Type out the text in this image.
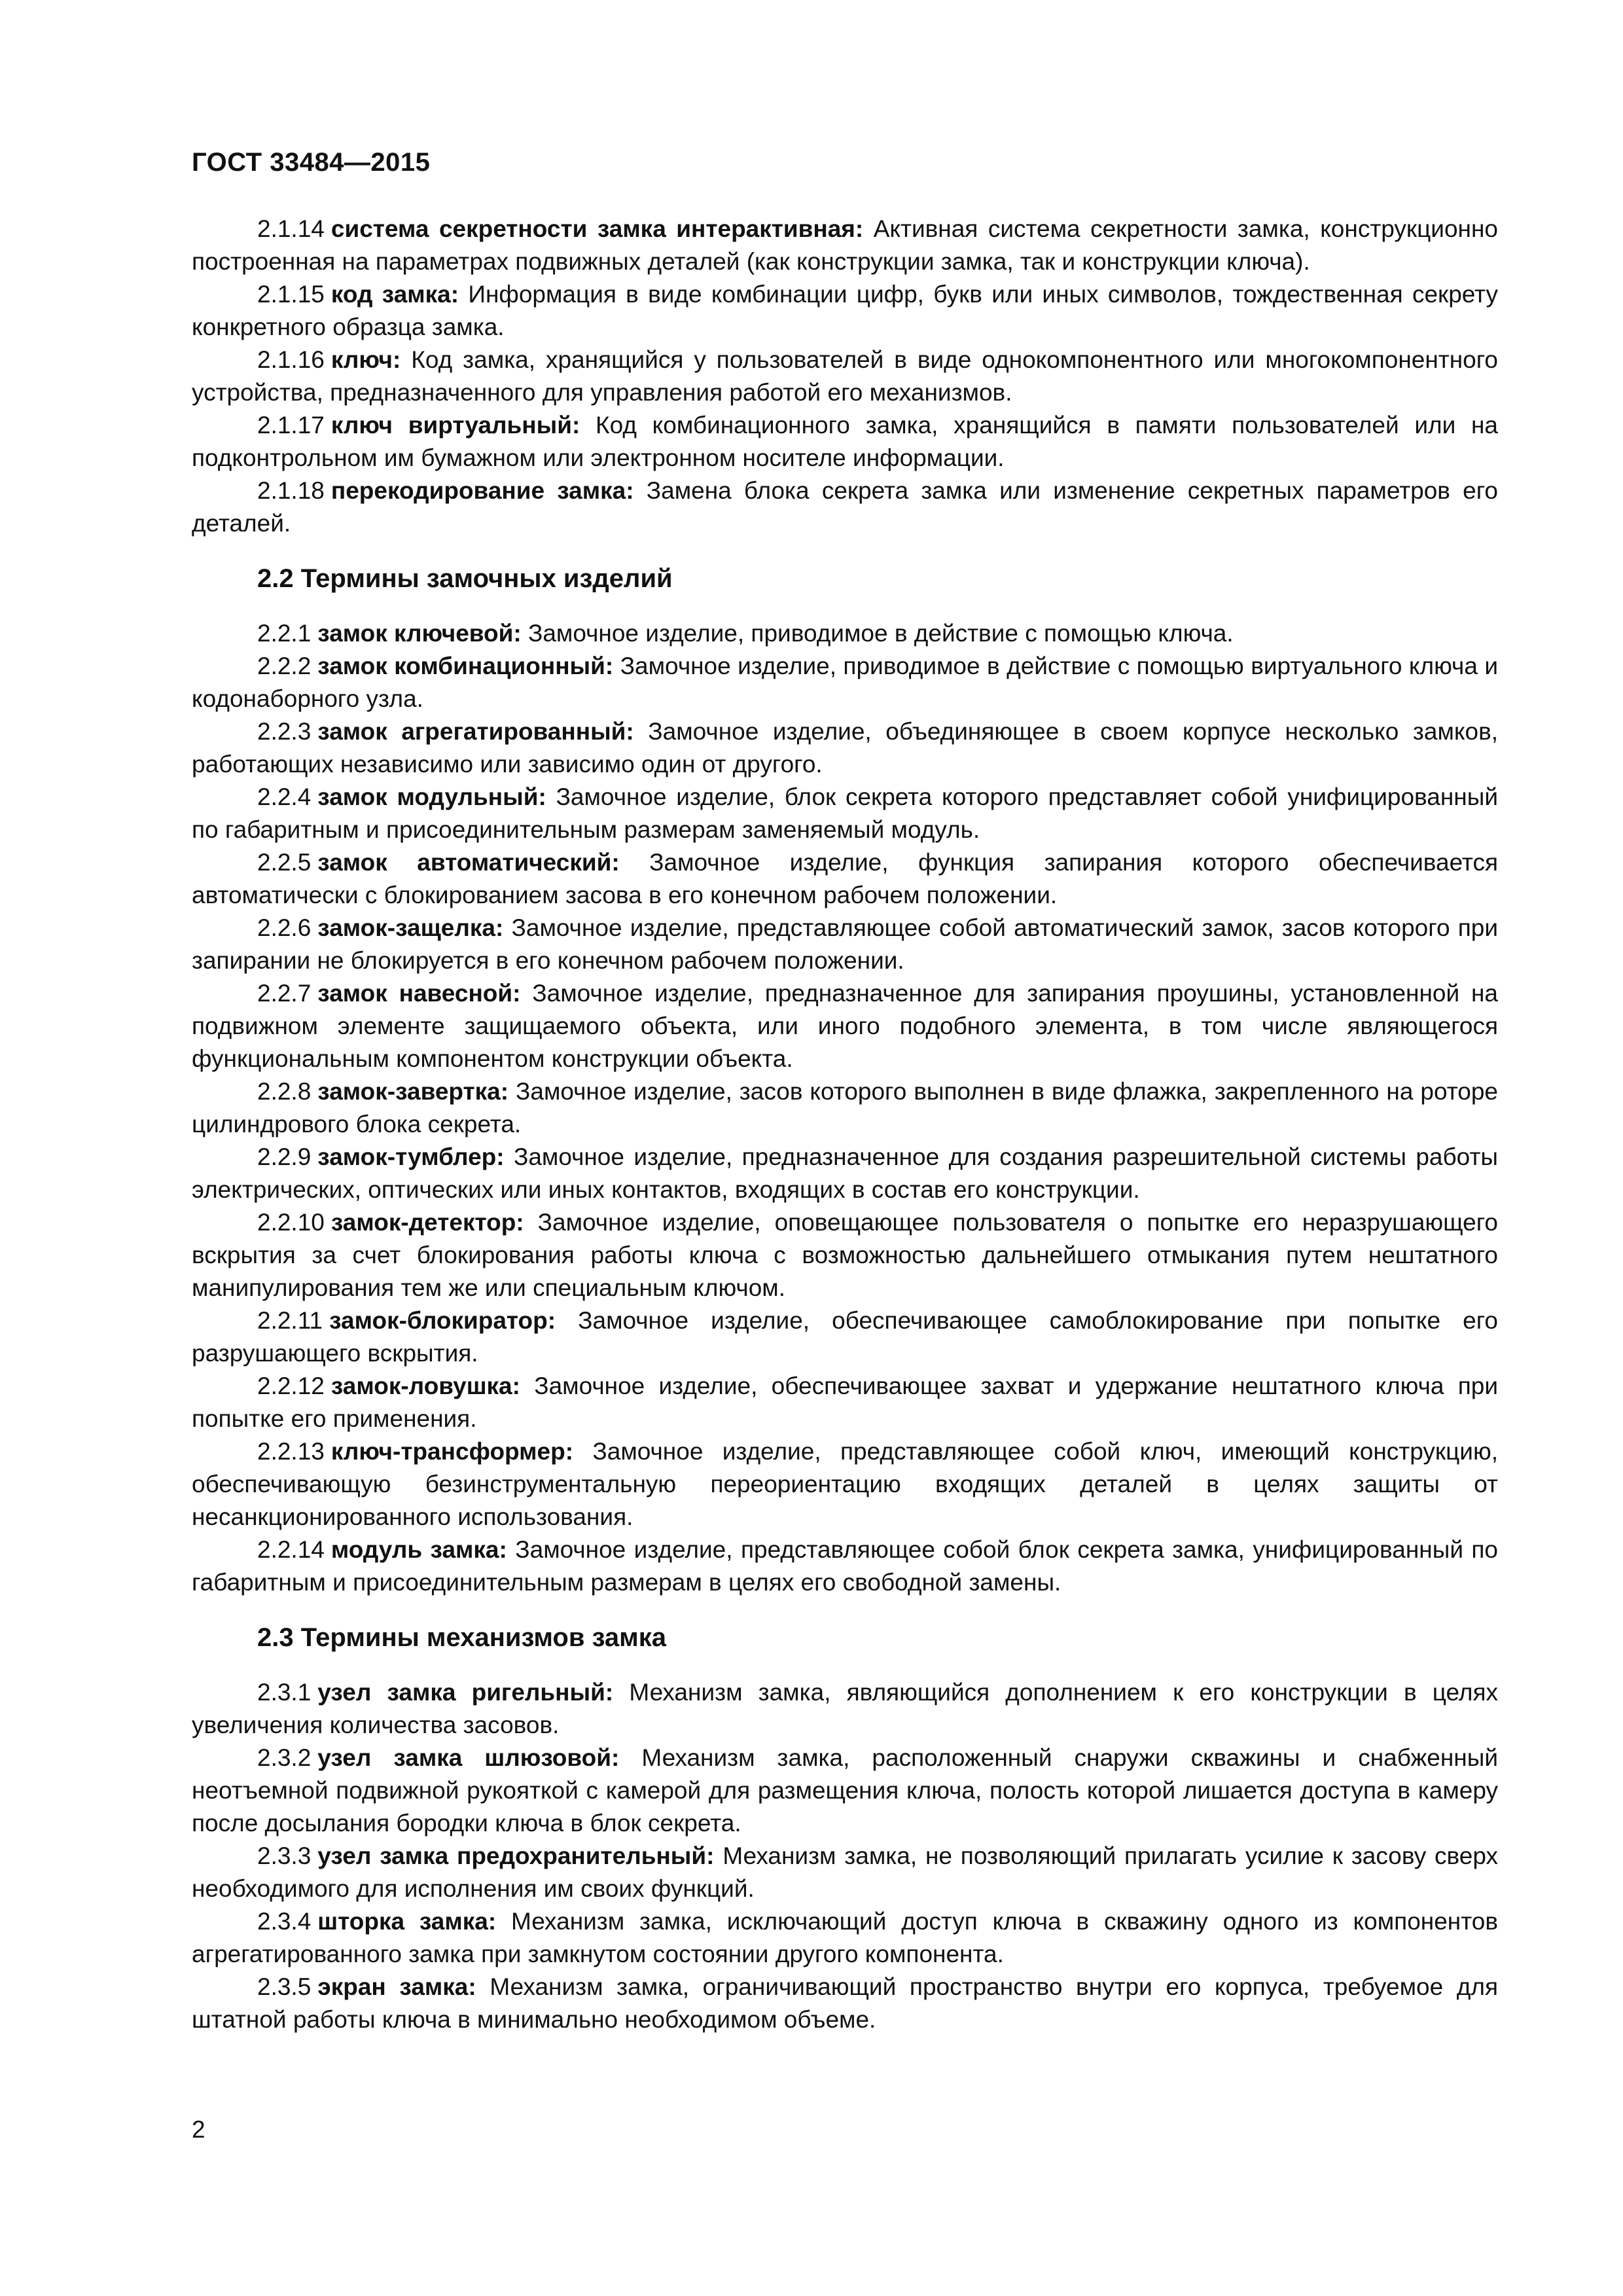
ГОСТ 33484—2015

2.1.14 система секретности замка интерактивная: Активная система секретности замка, конструкционно построенная на параметрах подвижных деталей (как конструкции замка, так и конструкции ключа).

2.1.15 код замка: Информация в виде комбинации цифр, букв или иных символов, тождественная секрету конкретного образца замка.

2.1.16 ключ: Код замка, хранящийся у пользователей в виде однокомпонентного или многокомпонентного устройства, предназначенного для управления работой его механизмов.

2.1.17 ключ виртуальный: Код комбинационного замка, хранящийся в памяти пользователей или на подконтрольном им бумажном или электронном носителе информации.

2.1.18 перекодирование замка: Замена блока секрета замка или изменение секретных параметров его деталей.

2.2 Термины замочных изделий

2.2.1 замок ключевой: Замочное изделие, приводимое в действие с помощью ключа.

2.2.2 замок комбинационный: Замочное изделие, приводимое в действие с помощью виртуального ключа и кодонаборного узла.

2.2.3 замок агрегатированный: Замочное изделие, объединяющее в своем корпусе несколько замков, работающих независимо или зависимо один от другого.

2.2.4 замок модульный: Замочное изделие, блок секрета которого представляет собой унифицированный по габаритным и присоединительным размерам заменяемый модуль.

2.2.5 замок автоматический: Замочное изделие, функция запирания которого обеспечивается автоматически с блокированием засова в его конечном рабочем положении.

2.2.6 замок-защелка: Замочное изделие, представляющее собой автоматический замок, засов которого при запирании не блокируется в его конечном рабочем положении.

2.2.7 замок навесной: Замочное изделие, предназначенное для запирания проушины, установленной на подвижном элементе защищаемого объекта, или иного подобного элемента, в том числе являющегося функциональным компонентом конструкции объекта.

2.2.8 замок-завертка: Замочное изделие, засов которого выполнен в виде флажка, закрепленного на роторе цилиндрового блока секрета.

2.2.9 замок-тумблер: Замочное изделие, предназначенное для создания разрешительной системы работы электрических, оптических или иных контактов, входящих в состав его конструкции.

2.2.10 замок-детектор: Замочное изделие, оповещающее пользователя о попытке его неразрушающего вскрытия за счет блокирования работы ключа с возможностью дальнейшего отмыкания путем нештатного манипулирования тем же или специальным ключом.

2.2.11 замок-блокиратор: Замочное изделие, обеспечивающее самоблокирование при попытке его разрушающего вскрытия.

2.2.12 замок-ловушка: Замочное изделие, обеспечивающее захват и удержание нештатного ключа при попытке его применения.

2.2.13 ключ-трансформер: Замочное изделие, представляющее собой ключ, имеющий конструкцию, обеспечивающую безинструментальную переориентацию входящих деталей в целях защиты от несанкционированного использования.

2.2.14 модуль замка: Замочное изделие, представляющее собой блок секрета замка, унифицированный по габаритным и присоединительным размерам в целях его свободной замены.

2.3 Термины механизмов замка

2.3.1 узел замка ригельный: Механизм замка, являющийся дополнением к его конструкции в целях увеличения количества засовов.

2.3.2 узел замка шлюзовой: Механизм замка, расположенный снаружи скважины и снабженный неотъемной подвижной рукояткой с камерой для размещения ключа, полость которой лишается доступа в камеру после досылания бородки ключа в блок секрета.

2.3.3 узел замка предохранительный: Механизм замка, не позволяющий прилагать усилие к засову сверх необходимого для исполнения им своих функций.

2.3.4 шторка замка: Механизм замка, исключающий доступ ключа в скважину одного из компонентов агрегатированного замка при замкнутом состоянии другого компонента.

2.3.5 экран замка: Механизм замка, ограничивающий пространство внутри его корпуса, требуемое для штатной работы ключа в минимально необходимом объеме.

2
